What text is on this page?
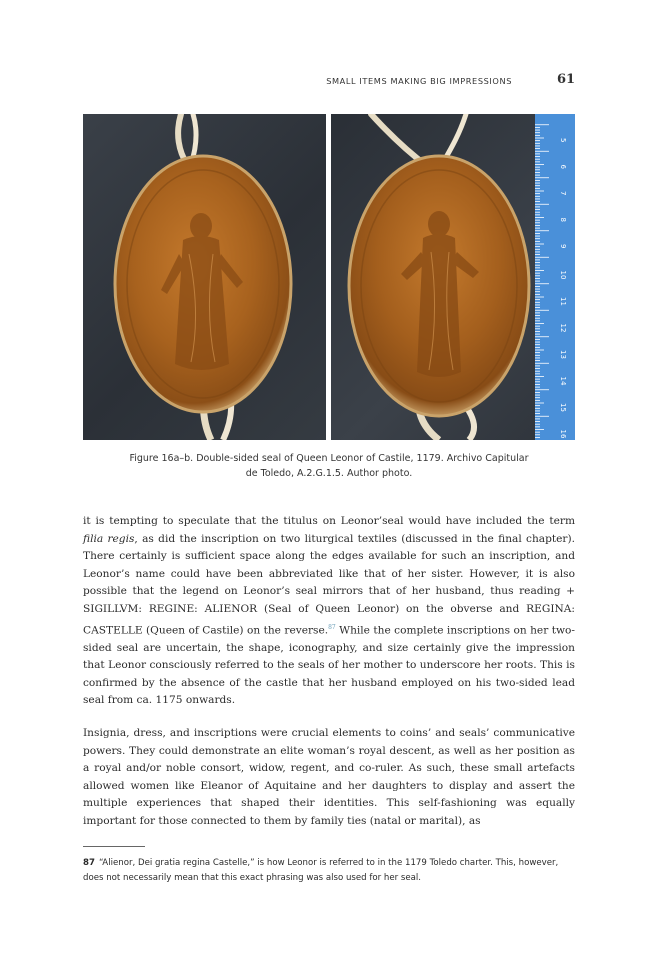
SMALL ITEMS MAKING BIG IMPRESSIONS	61
5
6
7
8
9
10
11
12
13
14
15
16

Figure 16a–b. Double-sided seal of Queen Leonor of Castile, 1179. Archivo Capitular

de Toledo, A.2.G.1.5. Author photo.

it is tempting to speculate that the titulus on Leonor’seal would have included the term filia regis, as did the inscription on two liturgical textiles (discussed in the final chapter). There certainly is sufficient space along the edges available for such an inscription, and Leonor’s name could have been abbreviated like that of her sister. However, it is also possible that the legend on Leonor’s seal mirrors that of her husband, thus reading + SIGILLVM: REGINE: ALIENOR (Seal of Queen Leonor) on the obverse and REGINA: CASTELLE (Queen of Castile) on the reverse.$^{87}$ While the complete inscriptions on her two-sided seal are uncertain, the shape, iconography, and size certainly give the impression that Leonor consciously referred to the seals of her mother to underscore her roots. This is confirmed by the absence of the castle that her husband employed on his two-sided lead seal from ca. 1175 onwards.

Insignia, dress, and inscriptions were crucial elements to coins’ and seals’ communicative powers. They could demonstrate an elite woman’s royal descent, as well as her position as a royal and/or noble consort, widow, regent, and co-ruler. As such, these small artefacts allowed women like Eleanor of Aquitaine and her daughters to display and assert the multiple experiences that shaped their identities. This self-fashioning was equally important for those connected to them by family ties (natal or marital), as

87 “Alienor, Dei gratia regina Castelle,” is how Leonor is referred to in the 1179 Toledo charter. This, however, does not necessarily mean that this exact phrasing was also used for her seal.
